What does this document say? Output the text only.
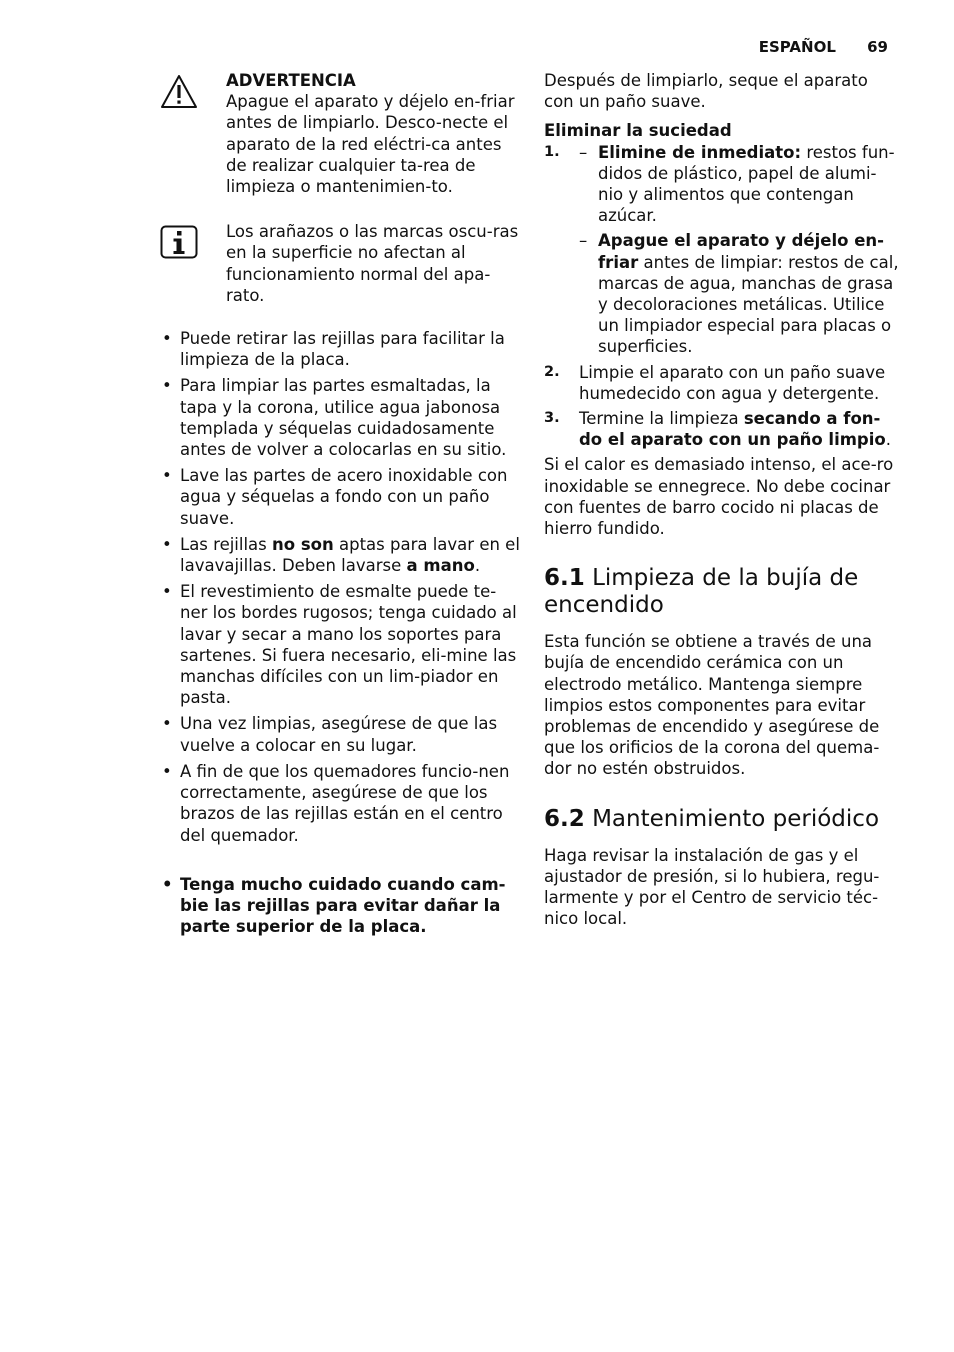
ESPAÑOL 69
ADVERTENCIA
Apague el aparato y déjelo en-friar antes de limpiarlo. Desco-necte el aparato de la red eléctri-ca antes de realizar cualquier ta-rea de limpieza o mantenimien-to.
Los arañazos o las marcas oscu-ras en la superficie no afectan al funcionamiento normal del apa-rato.
• Puede retirar las rejillas para facilitar la limpieza de la placa.
• Para limpiar las partes esmaltadas, la tapa y la corona, utilice agua jabonosa templada y séquelas cuidadosamente antes de volver a colocarlas en su sitio.
• Lave las partes de acero inoxidable con agua y séquelas a fondo con un paño suave.
• Las rejillas no son aptas para lavar en el lavavajillas. Deben lavarse a mano.
• El revestimiento de esmalte puede te-ner los bordes rugosos; tenga cuidado al lavar y secar a mano los soportes para sartenes. Si fuera necesario, eli-mine las manchas difíciles con un lim-piador en pasta.
• Una vez limpias, asegúrese de que las vuelve a colocar en su lugar.
• A fin de que los quemadores funcio-nen correctamente, asegúrese de que los brazos de las rejillas están en el centro del quemador.
• Tenga mucho cuidado cuando cam-bie las rejillas para evitar dañar la parte superior de la placa.

Después de limpiarlo, seque el aparato con un paño suave.

Eliminar la suciedad
1. – Elimine de inmediato: restos fun-didos de plástico, papel de alumi-nio y alimentos que contengan azúcar.
– Apague el aparato y déjelo en-friar antes de limpiar: restos de cal, marcas de agua, manchas de grasa y decoloraciones metálicas. Utilice un limpiador especial para placas o superficies.
2. Limpie el aparato con un paño suave humedecido con agua y detergente.
3. Termine la limpieza secando a fon-do el aparato con un paño limpio.

Si el calor es demasiado intenso, el ace-ro inoxidable se ennegrece. No debe cocinar con fuentes de barro cocido ni placas de hierro fundido.

6.1 Limpieza de la bujía de encendido

Esta función se obtiene a través de una bujía de encendido cerámica con un electrodo metálico. Mantenga siempre limpios estos componentes para evitar problemas de encendido y asegúrese de que los orificios de la corona del quema-dor no estén obstruidos.

6.2 Mantenimiento periódico

Haga revisar la instalación de gas y el ajustador de presión, si lo hubiera, regu-larmente y por el Centro de servicio téc-nico local.
